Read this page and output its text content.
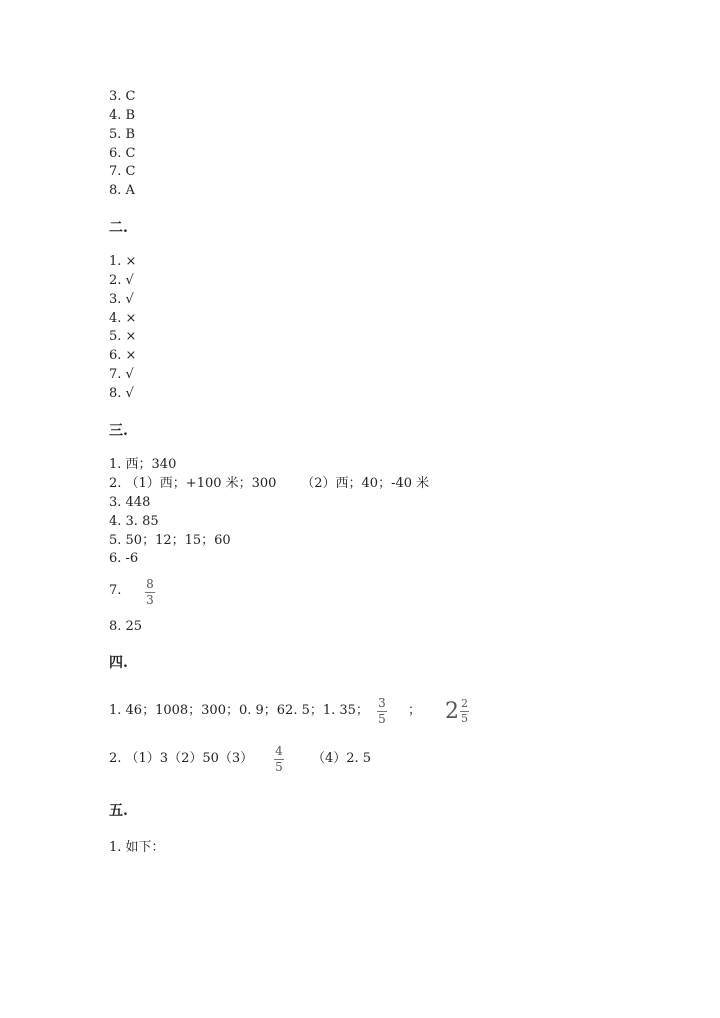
3. C
4. B
5. B
6. C
7. C
8. A
二.
1. ×
2. √
3. √
4. ×
5. ×
6. ×
7. √
8. √
三.
1. 西；340
2. （1）西；+100 米；300      （2）西；40；-40 米
3. 448
4. 3. 85
5. 50；12；15；60
6. -6
7. 8
3
8. 25
四.
1. 46；1008；300；0. 9；62. 5；1. 35； 3
5
； $2 \frac{2}{5}$
2. （1）3（2）50（3） 4
5
（4）2. 5
五.
1. 如下：
